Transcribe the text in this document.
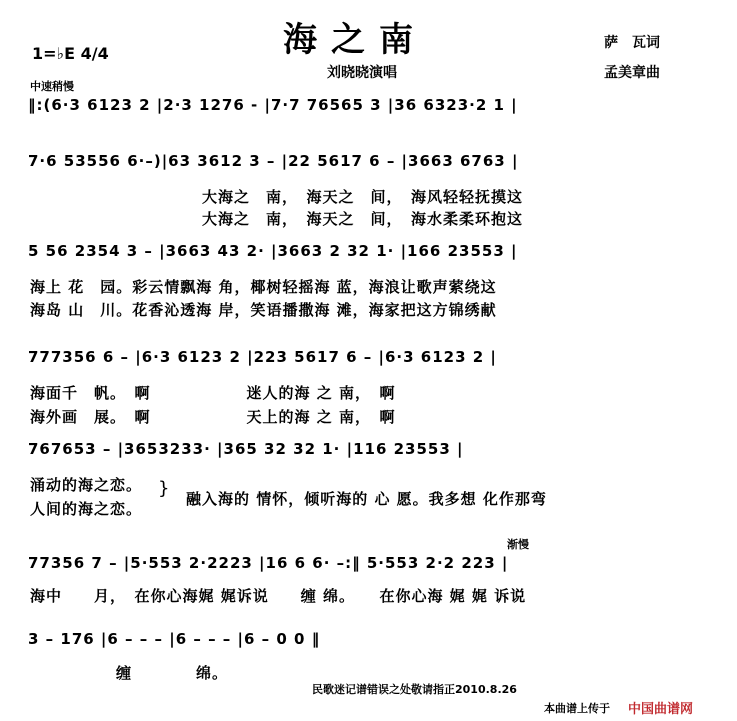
海之南
刘晓晓演唱
萨　瓦词
孟美章曲
1=♭E 4/4
中速稍慢
‖:(6·3 6123 2 |2·3 1276 - |7·7 76565 3 |36 6323·2 1 |
7·6 53556 6·–)|63 3612 3 – |22 5617 6 – |3663 6763 |
大海之　南，　海天之　间，　海风轻轻抚摸这
大海之　南，　海天之　间，　海水柔柔环抱这
5 56 2354 3 – |3663 43 2· |3663 2 32 1· |166 23553 |
海上 花　园。彩云情飘海 角，椰树轻摇海 蓝，海浪让歌声萦绕这
海岛 山　川。花香沁透海 岸，笑语播撒海 滩，海家把这方锦绣献
777356 6 – |6·3 6123 2 |223 5617 6 – |6·3 6123 2 |
海面千　帆。　啊　　　　　　迷人的海 之 南，　啊
海外画　展。　啊　　　　　　天上的海 之 南，　啊
767653 – |3653233· |365 32 32 1· |116 23553 |
涌动的海之恋。
人间的海之恋。
} 融入海的 情怀，倾听海的 心 愿。我多想 化作那弯
渐慢
77356 7 – |5·553 2·2223 |16 6 6· –:‖ 5·553 2·2 223 |
海中　　月，　在你心海娓 娓诉说　　缠 绵。　　在你心海 娓 娓 诉说
3 – 176 |6 – – – |6 – – – |6 – 0 0 ‖
缠　　　　绵。
民歌迷记谱错误之处敬请指正2010.8.26
本曲谱上传于 中国曲谱网
